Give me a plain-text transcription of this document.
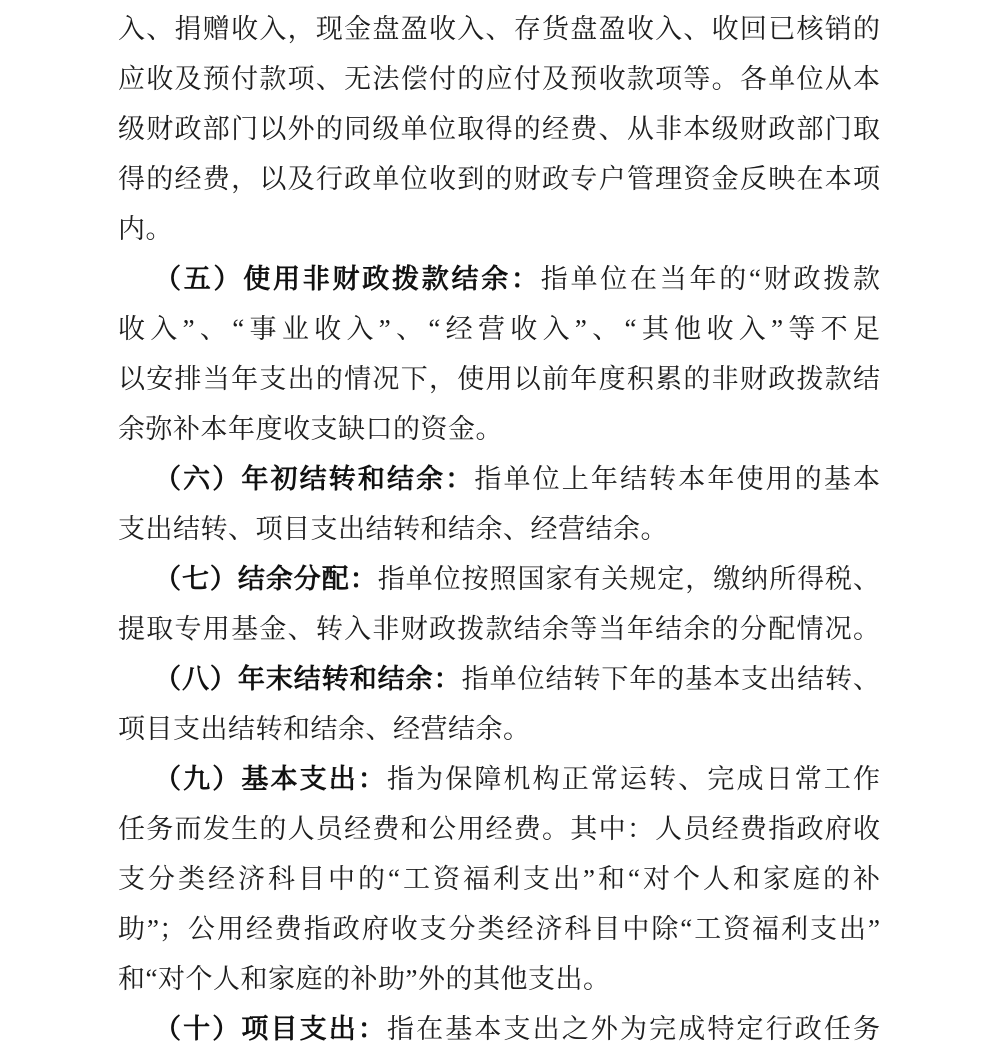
入、捐赠收入，现金盘盈收入、存货盘盈收入、收回已核销的
应收及预付款项、无法偿付的应付及预收款项等。各单位从本
级财政部门以外的同级单位取得的经费、从非本级财政部门取
得的经费，以及行政单位收到的财政专户管理资金反映在本项
内。
（五）使用非财政拨款结余：指单位在当年的“财政拨款
收入”、“事业收入”、“经营收入”、“其他收入”等不足
以安排当年支出的情况下，使用以前年度积累的非财政拨款结
余弥补本年度收支缺口的资金。
（六）年初结转和结余：指单位上年结转本年使用的基本
支出结转、项目支出结转和结余、经营结余。
（七）结余分配：指单位按照国家有关规定，缴纳所得税、
提取专用基金、转入非财政拨款结余等当年结余的分配情况。
（八）年末结转和结余：指单位结转下年的基本支出结转、
项目支出结转和结余、经营结余。
（九）基本支出：指为保障机构正常运转、完成日常工作
任务而发生的人员经费和公用经费。其中：人员经费指政府收
支分类经济科目中的“工资福利支出”和“对个人和家庭的补
助”；公用经费指政府收支分类经济科目中除“工资福利支出”
和“对个人和家庭的补助”外的其他支出。
（十）项目支出：指在基本支出之外为完成特定行政任务
